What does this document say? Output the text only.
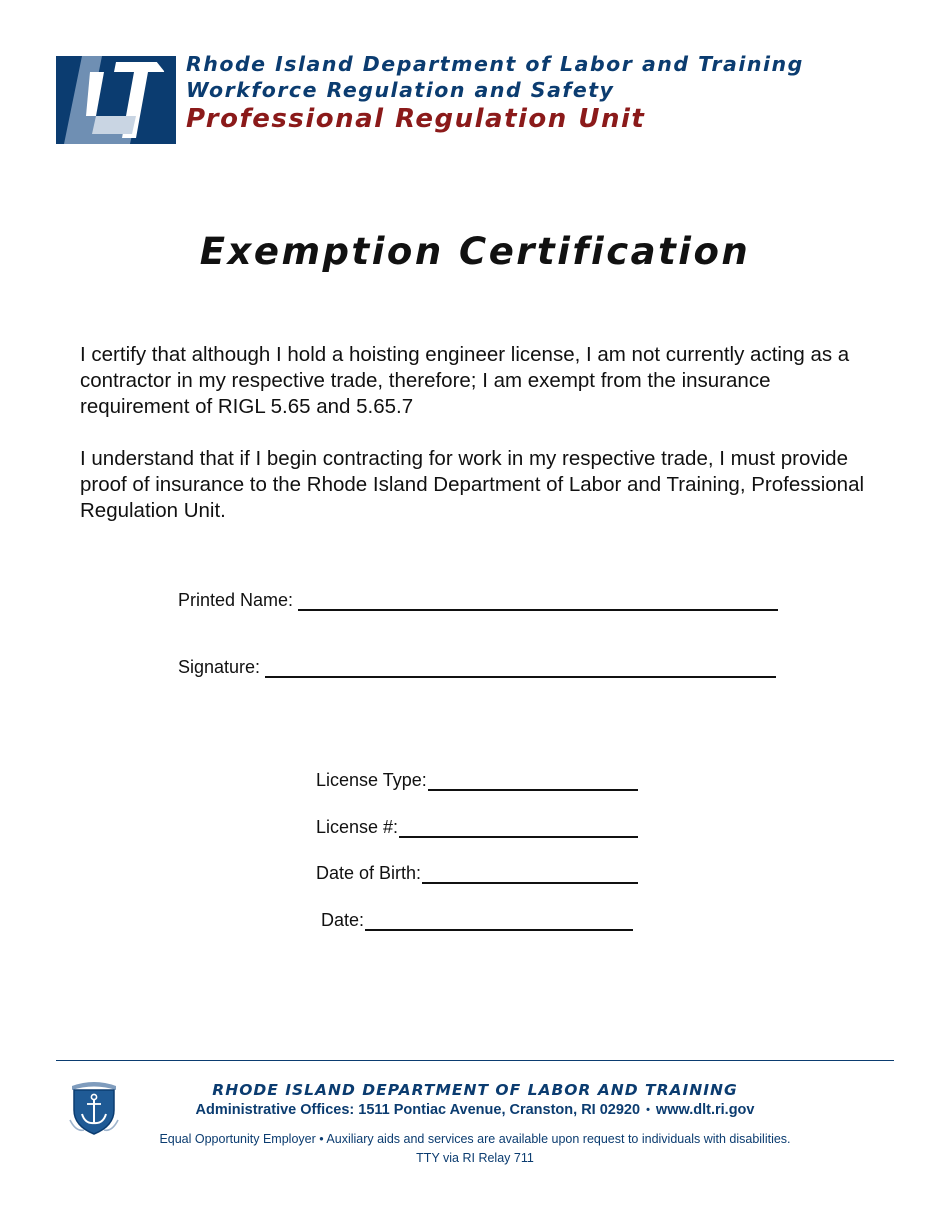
Rhode Island Department of Labor and Training
Workforce Regulation and Safety
Professional Regulation Unit
Exemption Certification

I certify that although I hold a hoisting engineer license, I am not currently acting as a contractor in my respective trade, therefore; I am exempt from the insurance requirement of RIGL 5.65 and 5.65.7

I understand that if I begin contracting for work in my respective trade, I must provide proof of insurance to the Rhode Island Department of Labor and Training, Professional Regulation Unit.

Printed Name:
Signature:
License Type:
License #:
Date of Birth:
Date:
RHODE ISLAND DEPARTMENT OF LABOR AND TRAINING
Administrative Offices: 1511 Pontiac Avenue, Cranston, RI 02920 • www.dlt.ri.gov
Equal Opportunity Employer • Auxiliary aids and services are available upon request to individuals with disabilities.
TTY via RI Relay 711
